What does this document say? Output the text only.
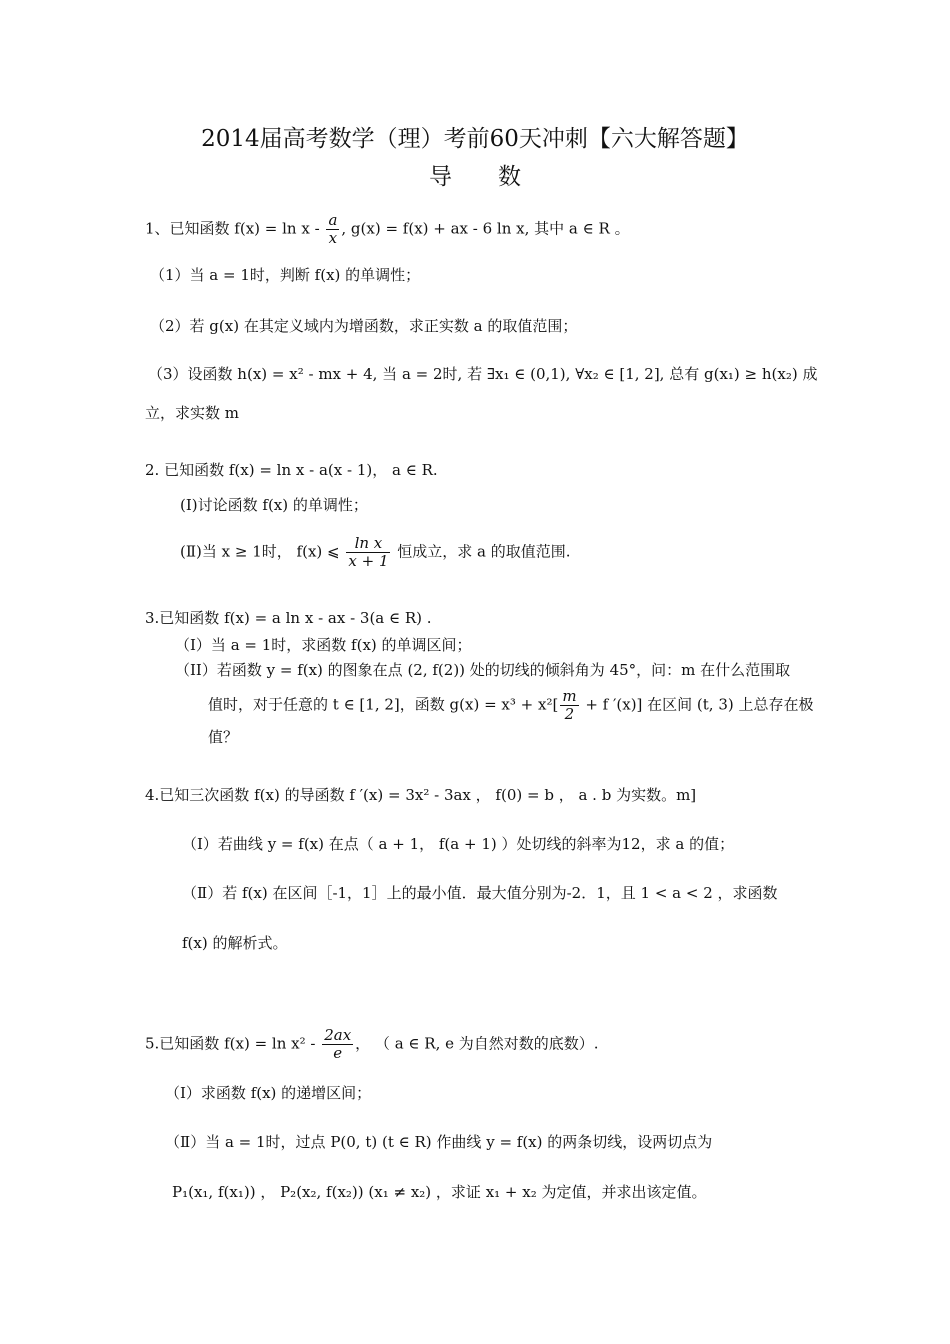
2014届高考数学（理）考前60天冲刺【六大解答题】
导　　数
1、已知函数 $f(x) = \ln x - \frac{a}{x}$ , g(x) = f(x) + ax - 6 ln x, 其中 a ∈ R 。
（1）当 a = 1时，判断 f(x) 的单调性；
（2）若 g(x) 在其定义域内为增函数，求正实数 a 的取值范围；
（3）设函数 h(x) = x² - mx + 4, 当 a = 2时, 若 ∃x₁ ∈ (0,1), ∀x₂ ∈ [1, 2], 总有 g(x₁) ≥ h(x₂) 成
立，求实数 m
2. 已知函数 f(x) = ln x - a(x - 1)， a ∈ R.
(Ⅰ)讨论函数 f(x) 的单调性；
(Ⅱ)当 x ≥ 1时， f(x) ⩽ $\frac{\text{ln x}}{x + 1}$ 恒成立，求 a 的取值范围.
3.已知函数 f(x) = a ln x - ax - 3(a ∈ R) .
（I）当 a = 1时，求函数 f(x) 的单调区间；
（II）若函数 y = f(x) 的图象在点 (2, f(2)) 处的切线的倾斜角为 45°，问：m 在什么范围取
值时，对于任意的 t ∈ [1, 2]，函数 $g(x) = x^3 + x^2[ \frac{m}{2} + f$ ′(x)] 在区间 (t, 3) 上总存在极
值？
4.已知三次函数 f(x) 的导函数 f ′(x) = 3x² - 3ax ， f(0) = b ， a . b 为实数。m]
（Ⅰ）若曲线 y = f(x) 在点（ a + 1， f(a + 1) ）处切线的斜率为12，求 a 的值；
（Ⅱ）若 f(x) 在区间［-1，1］上的最小值．最大值分别为-2．1，且 1 < a < 2 ，求函数
f(x) 的解析式。
5.已知函数 $f(x) = \ln x^2 - \frac{2ax}{e}$ ， （ a ∈ R, e 为自然对数的底数）.
（Ⅰ）求函数 f(x) 的递增区间；
（Ⅱ）当 a = 1时，过点 P(0, t) (t ∈ R) 作曲线 y = f(x) 的两条切线，设两切点为
P₁(x₁, f(x₁)) ， P₂(x₂, f(x₂)) (x₁ ≠ x₂) ，求证 x₁ + x₂ 为定值，并求出该定值。
